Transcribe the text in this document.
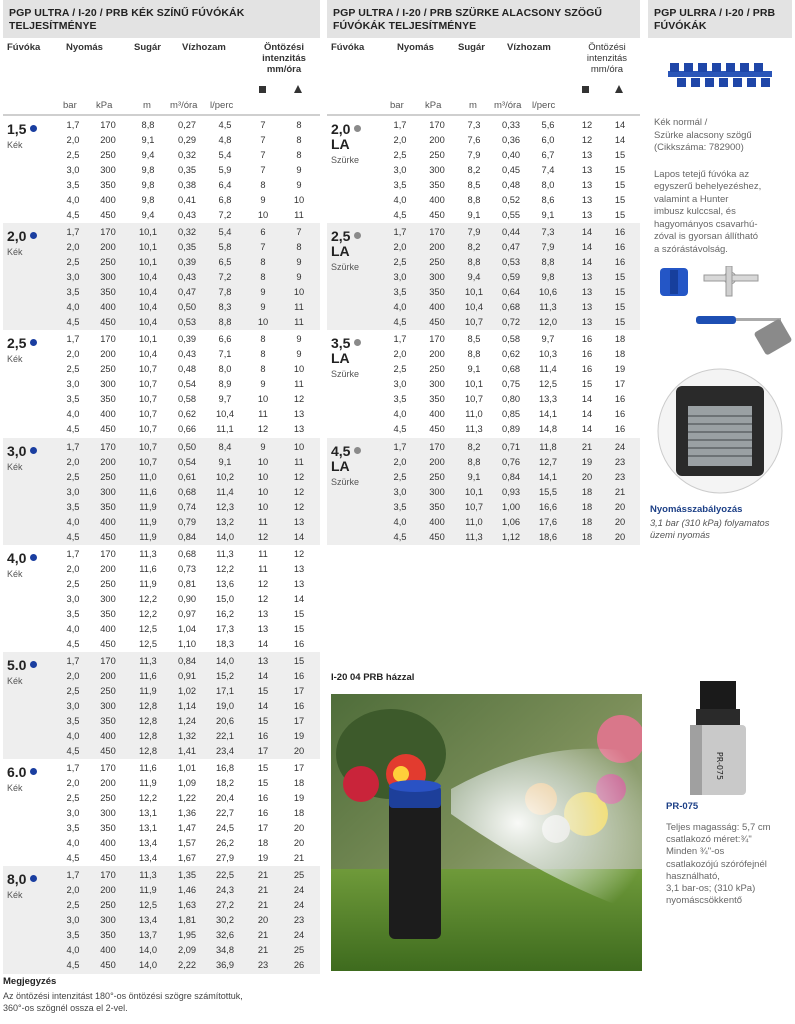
PGP ULTRA / I-20 / PRB KÉK SZÍNŰ FÚVÓKÁK TELJESÍTMÉNYE
Fúvóka	Nyomás	Sugár Vízhozam	Öntözési intenzitás mm/óra
bar kPa	m m³/óra l/perc
1,5
Kék
1,7	170	8,8	0,27	4,5	7	8
2,0	200	9,1	0,29	4,8	7	8
2,5	250	9,4	0,32	5,4	7	8
3,0	300	9,8	0,35	5,9	7	9
3,5	350	9,8	0,38	6,4	8	9
4,0	400	9,8	0,41	6,8	9	10
4,5	450	9,4	0,43	7,2	10	11
2,0
Kék
1,7	170	10,1	0,32	5,4	6	7
2,0	200	10,1	0,35	5,8	7	8
2,5	250	10,1	0,39	6,5	8	9
3,0	300	10,4	0,43	7,2	8	9
3,5	350	10,4	0,47	7,8	9	10
4,0	400	10,4	0,50	8,3	9	11
4,5	450	10,4	0,53	8,8	10	11
2,5
Kék
1,7	170	10,1	0,39	6,6	8	9
2,0	200	10,4	0,43	7,1	8	9
2,5	250	10,7	0,48	8,0	8	10
3,0	300	10,7	0,54	8,9	9	11
3,5	350	10,7	0,58	9,7	10	12
4,0	400	10,7	0,62	10,4	11	13
4,5	450	10,7	0,66	11,1	12	13
3,0
Kék
1,7	170	10,7	0,50	8,4	9	10
2,0	200	10,7	0,54	9,1	10	11
2,5	250	11,0	0,61	10,2	10	12
3,0	300	11,6	0,68	11,4	10	12
3,5	350	11,9	0,74	12,3	10	12
4,0	400	11,9	0,79	13,2	11	13
4,5	450	11,9	0,84	14,0	12	14
4,0
Kék
1,7	170	11,3	0,68	11,3	11	12
2,0	200	11,6	0,73	12,2	11	13
2,5	250	11,9	0,81	13,6	12	13
3,0	300	12,2	0,90	15,0	12	14
3,5	350	12,2	0,97	16,2	13	15
4,0	400	12,5	1,04	17,3	13	15
4,5	450	12,5	1,10	18,3	14	16
5.0
Kék
1,7	170	11,3	0,84	14,0	13	15
2,0	200	11,6	0,91	15,2	14	16
2,5	250	11,9	1,02	17,1	15	17
3,0	300	12,8	1,14	19,0	14	16
3,5	350	12,8	1,24	20,6	15	17
4,0	400	12,8	1,32	22,1	16	19
4,5	450	12,8	1,41	23,4	17	20
6.0
Kék
1,7	170	11,6	1,01	16,8	15	17
2,0	200	11,9	1,09	18,2	15	18
2,5	250	12,2	1,22	20,4	16	19
3,0	300	13,1	1,36	22,7	16	18
3,5	350	13,1	1,47	24,5	17	20
4,0	400	13,4	1,57	26,2	18	20
4,5	450	13,4	1,67	27,9	19	21
8,0
Kék
1,7	170	11,3	1,35	22,5	21	25
2,0	200	11,9	1,46	24,3	21	24
2,5	250	12,5	1,63	27,2	21	24
3,0	300	13,4	1,81	30,2	20	23
3,5	350	13,7	1,95	32,6	21	24
4,0	400	14,0	2,09	34,8	21	25
4,5	450	14,0	2,22	36,9	23	26
PGP ULTRA / I-20 / PRB SZÜRKE ALACSONY SZÖGŰ FÚVÓKÁK TELJESÍTMÉNYE
Fúvóka	Nyomás	Sugár Vízhozam	Öntözési intenzitás mm/óra
bar kPa	m m³/óra l/perc
2,0
LA
Szürke
1,7	170	7,3	0,33	5,6	12	14
2,0	200	7,6	0,36	6,0	12	14
2,5	250	7,9	0,40	6,7	13	15
3,0	300	8,2	0,45	7,4	13	15
3,5	350	8,5	0,48	8,0	13	15
4,0	400	8,8	0,52	8,6	13	15
4,5	450	9,1	0,55	9,1	13	15
2,5
LA
Szürke
1,7	170	7,9	0,44	7,3	14	16
2,0	200	8,2	0,47	7,9	14	16
2,5	250	8,8	0,53	8,8	14	16
3,0	300	9,4	0,59	9,8	13	15
3,5	350	10,1	0,64	10,6	13	15
4,0	400	10,4	0,68	11,3	13	15
4,5	450	10,7	0,72	12,0	13	15
3,5
LA
Szürke
1,7	170	8,5	0,58	9,7	16	18
2,0	200	8,8	0,62	10,3	16	18
2,5	250	9,1	0,68	11,4	16	19
3,0	300	10,1	0,75	12,5	15	17
3,5	350	10,7	0,80	13,3	14	16
4,0	400	11,0	0,85	14,1	14	16
4,5	450	11,3	0,89	14,8	14	16
4,5
LA
Szürke
1,7	170	8,2	0,71	11,8	21	24
2,0	200	8,8	0,76	12,7	19	23
2,5	250	9,1	0,84	14,1	20	23
3,0	300	10,1	0,93	15,5	18	21
3,5	350	10,7	1,00	16,6	18	20
4,0	400	11,0	1,06	17,6	18	20
4,5	450	11,3	1,12	18,6	18	20
I-20 04 PRB házzal
Megjegyzés
Az öntözési intenzitást 180°-os öntözési szögre számítottuk,
360°-os szögnél ossza el 2-vel.
PGP ULRRA / I-20 / PRB FÚVÓKÁK
Kék normál /
Szürke alacsony szögű
(Cikkszáma: 782900)
Lapos tetejű fúvóka az
egyszerű behelyezéshez,
valamint a Hunter
imbusz kulccsal, és
hagyományos csavarhú-
zóval is gyorsan állítható
a szórástávolság.
Nyomásszabályozás
3,1 bar (310 kPa) folyamatos
üzemi nyomás
PR-075
PR-075
Teljes magasság: 5,7 cm
csatlakozó méret:¾"
Minden ¾"-os
csatlakozójú szórófejnél
használható,
3,1 bar-os; (310 kPa)
nyomáscsökkentő
